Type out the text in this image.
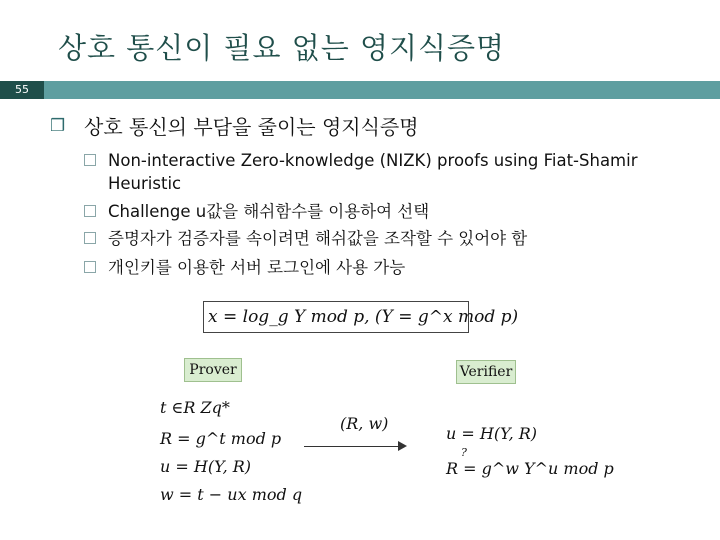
상호 통신이 필요 없는 영지식증명
55
❒ 상호 통신의 부담을 줄이는 영지식증명
Non-interactive Zero-knowledge (NIZK) proofs using Fiat-Shamir Heuristic
Challenge u값을 해쉬함수를 이용하여 선택
증명자가 검증자를 속이려면 해쉬값을 조작할 수 있어야 함
개인키를 이용한 서버 로그인에 사용 가능
x = log_g Y mod p, (Y = g^x mod p)
Prover	Verifier
t ∈R Zq*
R = g^t mod p
u = H(Y, R)
w = t − ux mod q
(R, w)
u = H(Y, R)
?
R = g^w Y^u mod p
